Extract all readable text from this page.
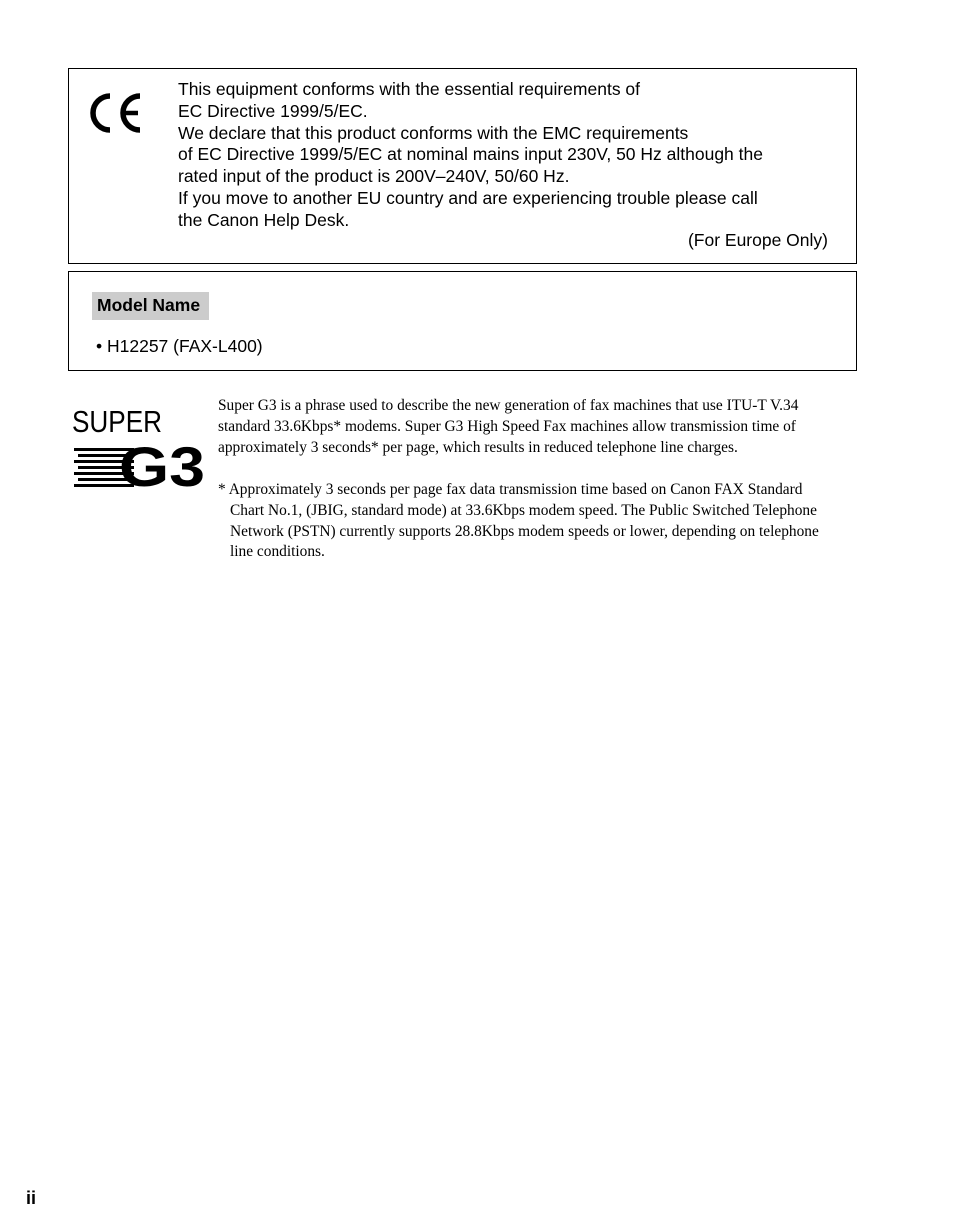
This equipment conforms with the essential requirements of
EC Directive 1999/5/EC.
We declare that this product conforms with the EMC requirements
of EC Directive 1999/5/EC at nominal mains input 230V, 50 Hz although the
rated input of the product is 200V–240V, 50/60 Hz.
If you move to another EU country and are experiencing trouble please call
the Canon Help Desk.
(For Europe Only)
Model Name
• H12257 (FAX-L400)
SUPER
G3
Super G3 is a phrase used to describe the new generation of fax machines that use ITU-T V.34
standard 33.6Kbps* modems. Super G3 High Speed Fax machines allow transmission time of
approximately 3 seconds* per page, which results in reduced telephone line charges.
* Approximately 3 seconds per page fax data transmission time based on Canon FAX Standard
Chart No.1, (JBIG, standard mode) at 33.6Kbps modem speed. The Public Switched Telephone
Network (PSTN) currently supports 28.8Kbps modem speeds or lower, depending on telephone
line conditions.
ii
